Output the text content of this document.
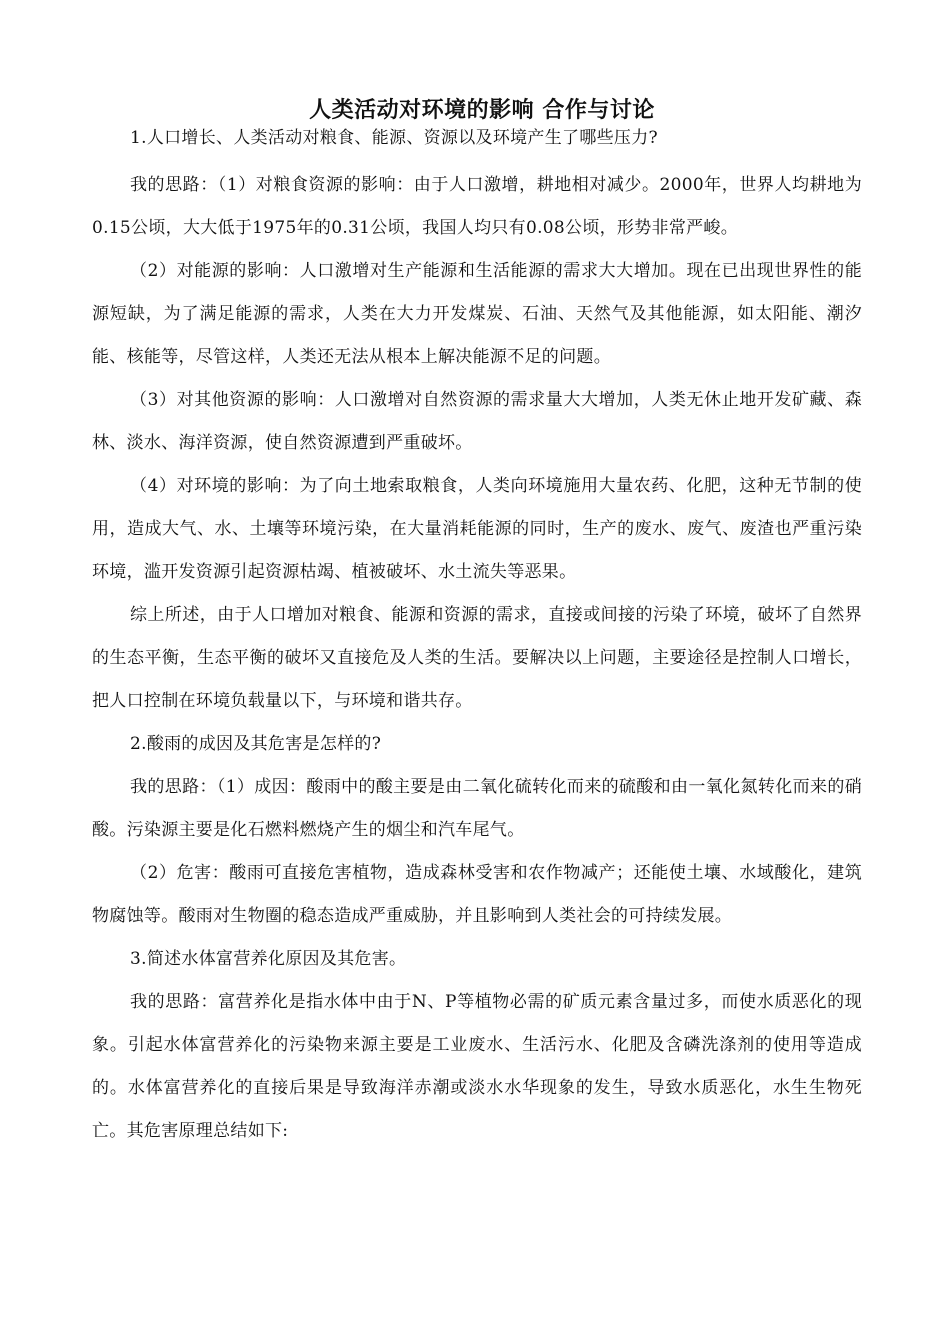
人类活动对环境的影响 合作与讨论

1.人口增长、人类活动对粮食、能源、资源以及环境产生了哪些压力?

我的思路：（1）对粮食资源的影响：由于人口激增，耕地相对减少。2000年，世界人均耕地为0.15公顷，大大低于1975年的0.31公顷，我国人均只有0.08公顷，形势非常严峻。

（2）对能源的影响：人口激增对生产能源和生活能源的需求大大增加。现在已出现世界性的能源短缺，为了满足能源的需求，人类在大力开发煤炭、石油、天然气及其他能源，如太阳能、潮汐能、核能等，尽管这样，人类还无法从根本上解决能源不足的问题。

（3）对其他资源的影响：人口激增对自然资源的需求量大大增加，人类无休止地开发矿藏、森林、淡水、海洋资源，使自然资源遭到严重破坏。

（4）对环境的影响：为了向土地索取粮食，人类向环境施用大量农药、化肥，这种无节制的使用，造成大气、水、土壤等环境污染，在大量消耗能源的同时，生产的废水、废气、废渣也严重污染环境，滥开发资源引起资源枯竭、植被破坏、水土流失等恶果。

综上所述，由于人口增加对粮食、能源和资源的需求，直接或间接的污染了环境，破坏了自然界的生态平衡，生态平衡的破坏又直接危及人类的生活。要解决以上问题，主要途径是控制人口增长，把人口控制在环境负载量以下，与环境和谐共存。

2.酸雨的成因及其危害是怎样的?

我的思路：（1）成因：酸雨中的酸主要是由二氧化硫转化而来的硫酸和由一氧化氮转化而来的硝酸。污染源主要是化石燃料燃烧产生的烟尘和汽车尾气。

（2）危害：酸雨可直接危害植物，造成森林受害和农作物减产；还能使土壤、水域酸化，建筑物腐蚀等。酸雨对生物圈的稳态造成严重威胁，并且影响到人类社会的可持续发展。

3.简述水体富营养化原因及其危害。

我的思路：富营养化是指水体中由于N、P等植物必需的矿质元素含量过多，而使水质恶化的现象。引起水体富营养化的污染物来源主要是工业废水、生活污水、化肥及含磷洗涤剂的使用等造成的。水体富营养化的直接后果是导致海洋赤潮或淡水水华现象的发生，导致水质恶化，水生生物死亡。其危害原理总结如下:
